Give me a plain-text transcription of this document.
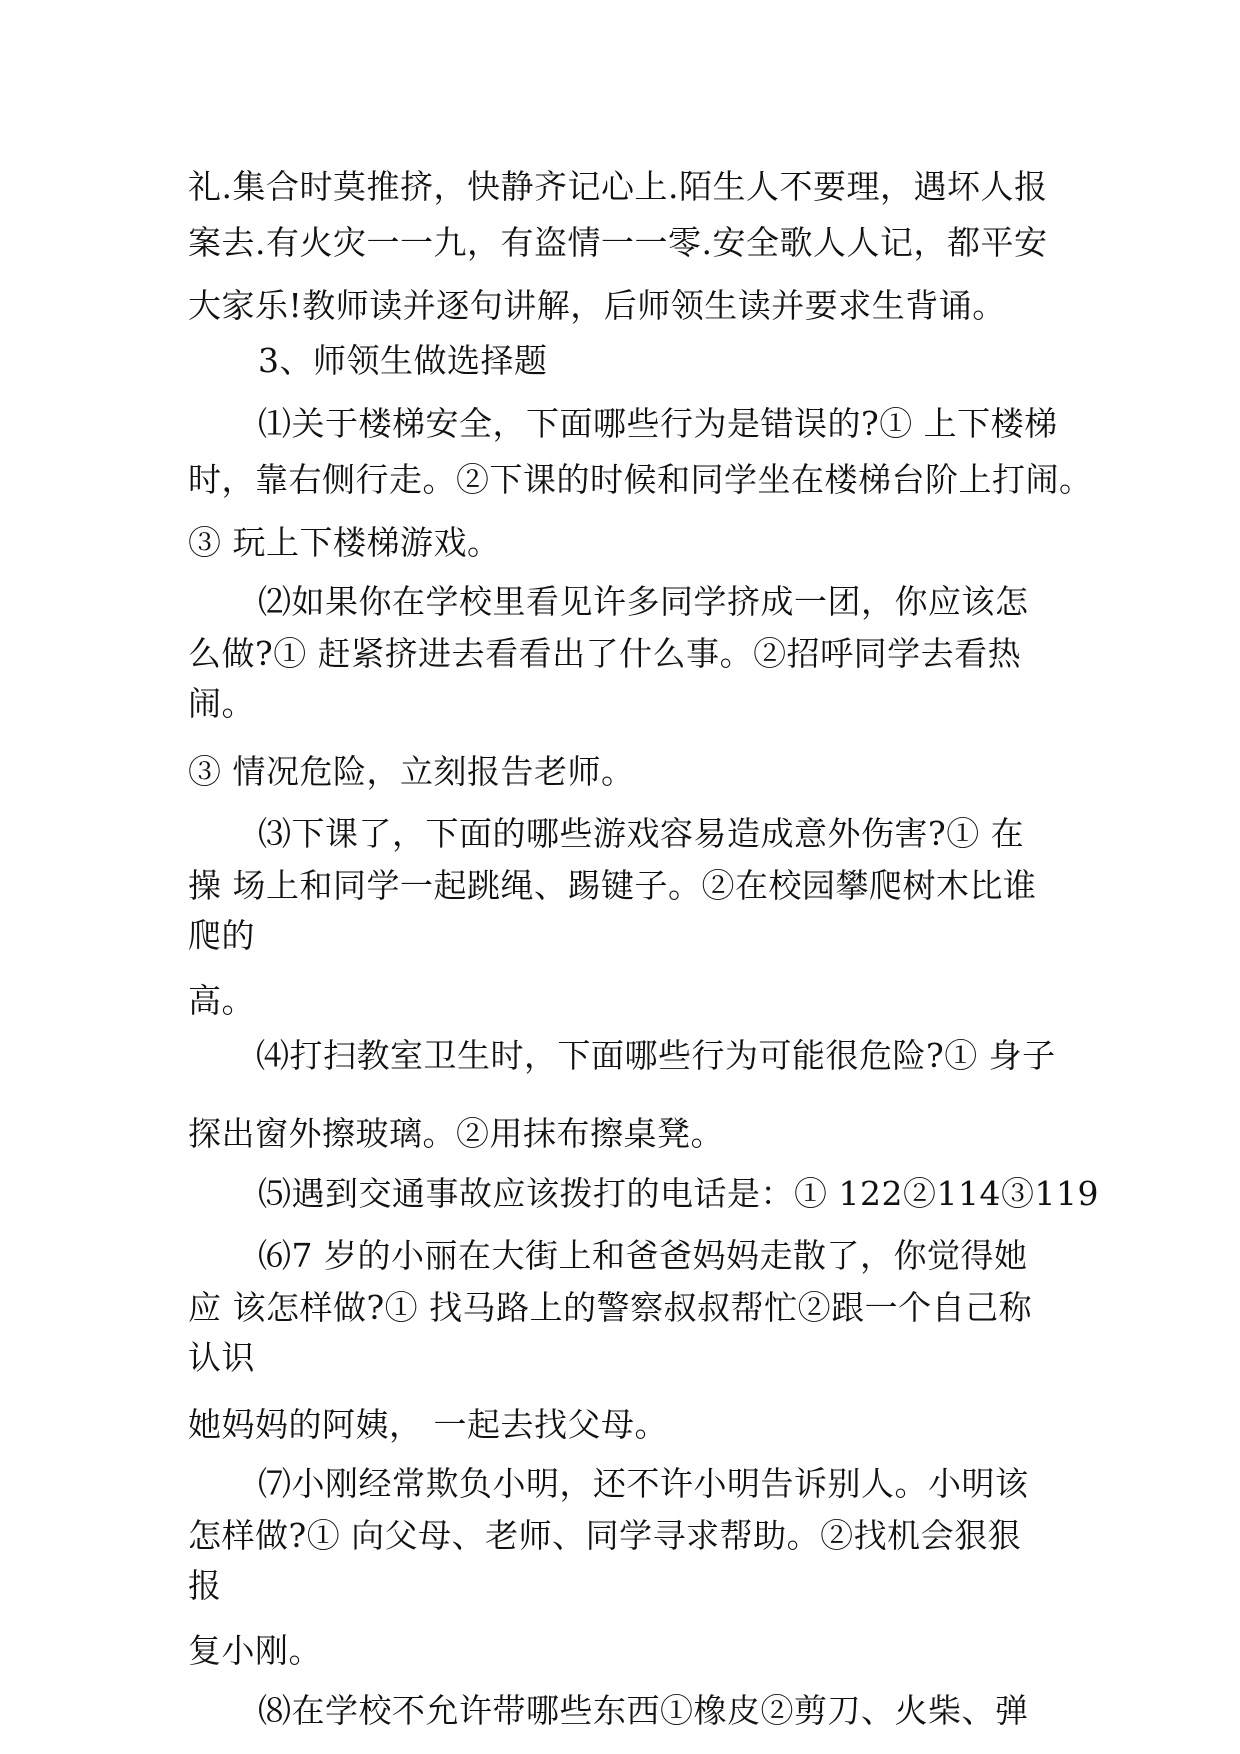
礼.集合时莫推挤，快静齐记心上.陌生人不要理，遇坏人报

案去.有火灾一一九，有盗情一一零.安全歌人人记，都平安

大家乐!教师读并逐句讲解，后师领生读并要求生背诵。

3、师领生做选择题

⑴关于楼梯安全，下面哪些行为是错误的?① 上下楼梯

时，靠右侧行走。②下课的时候和同学坐在楼梯台阶上打闹。

③ 玩上下楼梯游戏。

⑵如果你在学校里看见许多同学挤成一团，你应该怎

么做?① 赶紧挤进去看看出了什么事。②招呼同学去看热

闹。

③ 情况危险，立刻报告老师。

⑶下课了，下面的哪些游戏容易造成意外伤害?① 在

操 场上和同学一起跳绳、踢键子。②在校园攀爬树木比谁

爬的

高。

⑷打扫教室卫生时，下面哪些行为可能很危险?① 身子

探出窗外擦玻璃。②用抹布擦桌凳。

⑸遇到交通事故应该拨打的电话是：① 122②114③119

⑹7 岁的小丽在大街上和爸爸妈妈走散了，你觉得她

应 该怎样做?① 找马路上的警察叔叔帮忙②跟一个自己称

认识

她妈妈的阿姨， 一起去找父母。

⑺小刚经常欺负小明，还不许小明告诉别人。小明该

怎样做?① 向父母、老师、同学寻求帮助。②找机会狠狠

报

复小刚。

⑻在学校不允许带哪些东西①橡皮②剪刀、火柴、弹
